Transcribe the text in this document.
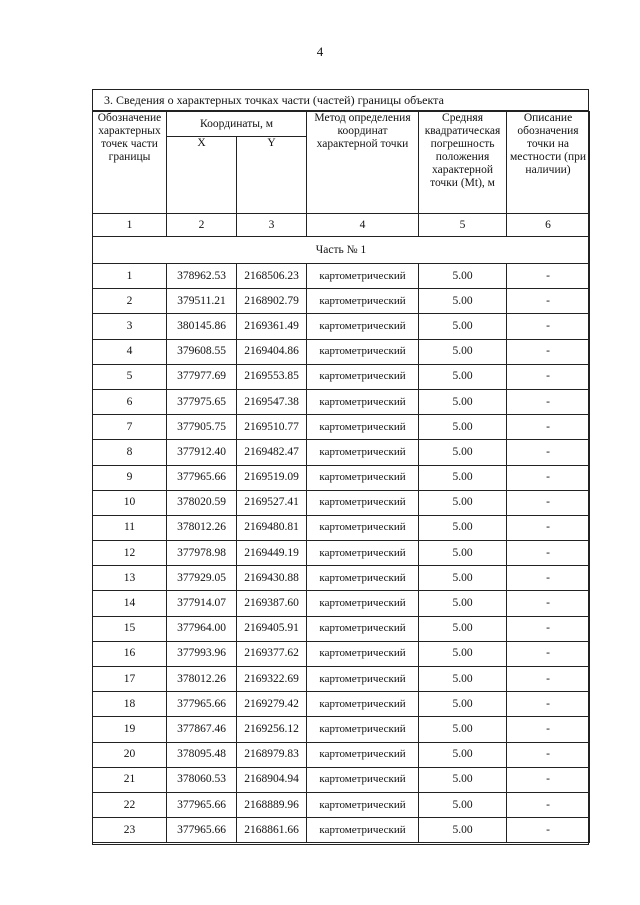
4
3. Сведения о характерных точках части (частей) границы объекта
Обозначение характерных точек части границы	Координаты, м		Метод определения координат характерной точки	Средняя квадратическая погрешность положения характерной точки (Mt), м	Описание обозначения точки на местности (при наличии)
	X	Y			
1	2	3	4	5	6
Часть № 1					
1	378962.53	2168506.23	картометрический	5.00	-
2	379511.21	2168902.79	картометрический	5.00	-
3	380145.86	2169361.49	картометрический	5.00	-
4	379608.55	2169404.86	картометрический	5.00	-
5	377977.69	2169553.85	картометрический	5.00	-
6	377975.65	2169547.38	картометрический	5.00	-
7	377905.75	2169510.77	картометрический	5.00	-
8	377912.40	2169482.47	картометрический	5.00	-
9	377965.66	2169519.09	картометрический	5.00	-
10	378020.59	2169527.41	картометрический	5.00	-
11	378012.26	2169480.81	картометрический	5.00	-
12	377978.98	2169449.19	картометрический	5.00	-
13	377929.05	2169430.88	картометрический	5.00	-
14	377914.07	2169387.60	картометрический	5.00	-
15	377964.00	2169405.91	картометрический	5.00	-
16	377993.96	2169377.62	картометрический	5.00	-
17	378012.26	2169322.69	картометрический	5.00	-
18	377965.66	2169279.42	картометрический	5.00	-
19	377867.46	2169256.12	картометрический	5.00	-
20	378095.48	2168979.83	картометрический	5.00	-
21	378060.53	2168904.94	картометрический	5.00	-
22	377965.66	2168889.96	картометрический	5.00	-
23	377965.66	2168861.66	картометрический	5.00	-
